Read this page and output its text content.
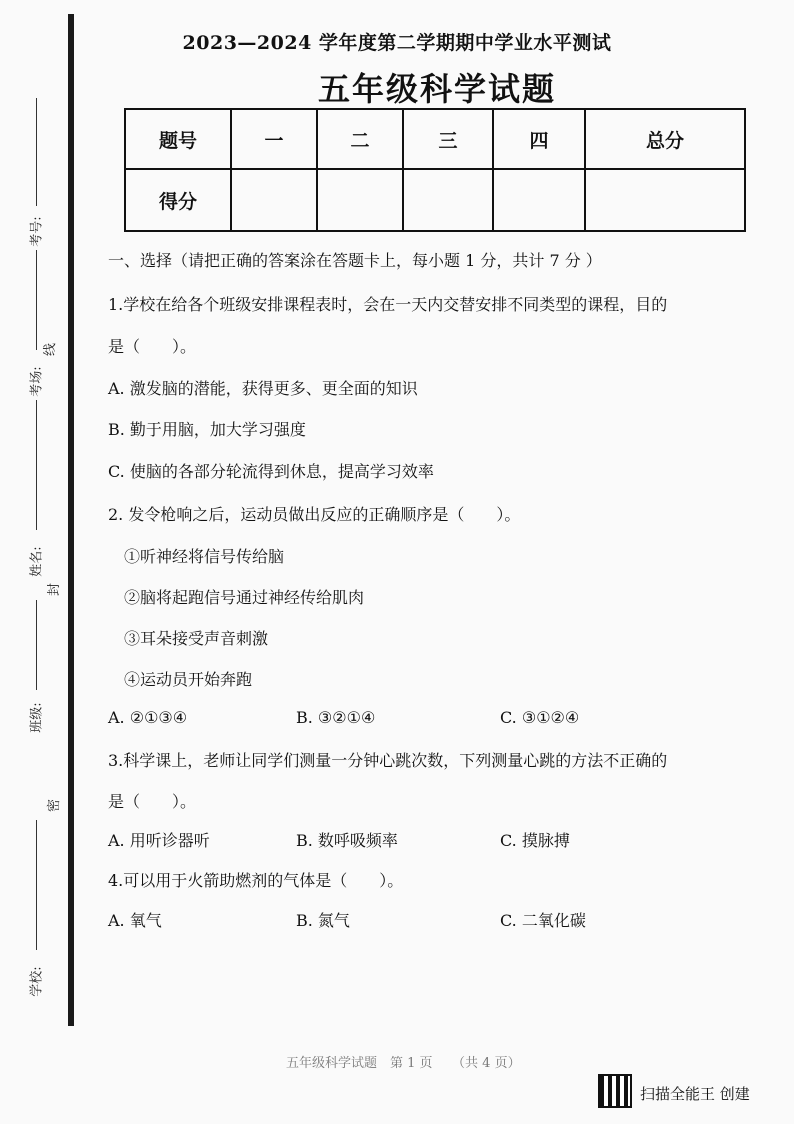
考号:
考场:
线
姓名:
封
班级:
密
学校:
2023—2024 学年度第二学期期中学业水平测试
五年级科学试题
题号	一	二	三	四	总分
得分					
一、选择（请把正确的答案涂在答题卡上，每小题 1 分，共计 7 分 ）
1.学校在给各个班级安排课程表时，会在一天内交替安排不同类型的课程，目的
是（　　）。
A. 激发脑的潜能，获得更多、更全面的知识
B. 勤于用脑，加大学习强度
C. 使脑的各部分轮流得到休息，提高学习效率
2. 发令枪响之后，运动员做出反应的正确顺序是（　　）。
①听神经将信号传给脑
②脑将起跑信号通过神经传给肌肉
③耳朵接受声音刺激
④运动员开始奔跑
A. ②①③④	B. ③②①④	C. ③①②④
3.科学课上，老师让同学们测量一分钟心跳次数，下列测量心跳的方法不正确的
是（　　）。
A. 用听诊器听	B. 数呼吸频率	C. 摸脉搏
4.可以用于火箭助燃剂的气体是（　　）。
A. 氧气	B. 氮气	C. 二氧化碳
五年级科学试题　第 1 页　　（共 4 页）
扫描全能王 创建
